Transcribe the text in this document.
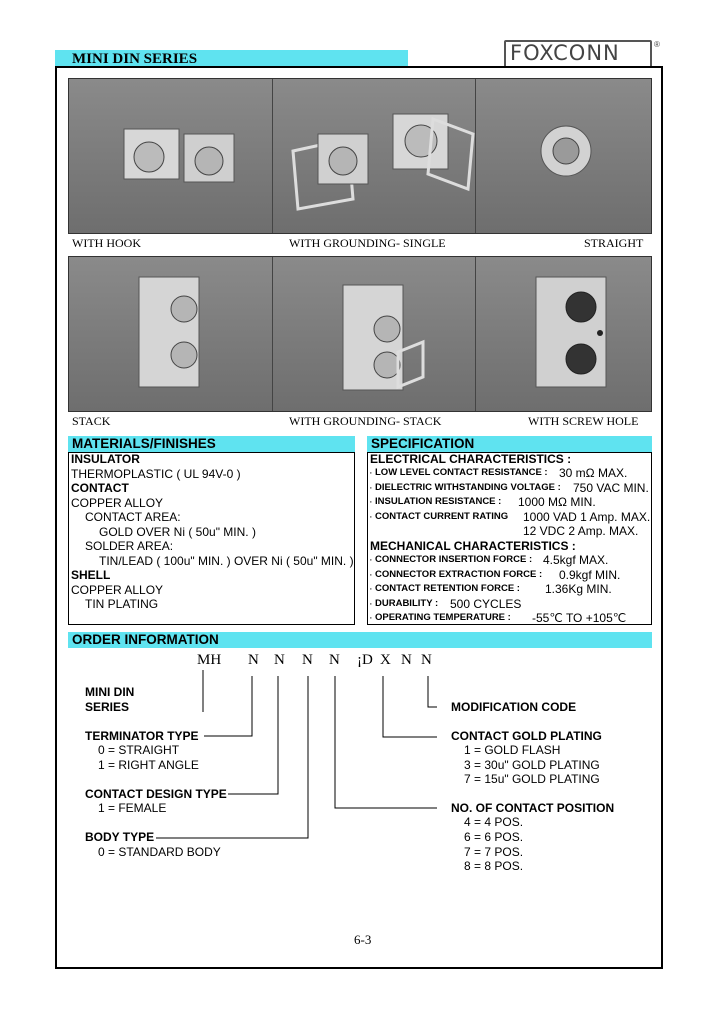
MINI DIN SERIES	FOXCONN	®
WITH HOOK	WITH GROUNDING- SINGLE	STRAIGHT
STACK	WITH GROUNDING- STACK	WITH SCREW HOLE
MATERIALS/FINISHES	SPECIFICATION
INSULATOR
THERMOPLASTIC ( UL 94V-0 )
CONTACT
COPPER ALLOY
CONTACT AREA:
GOLD OVER Ni ( 50u" MIN. )
SOLDER AREA:
TIN/LEAD ( 100u" MIN. ) OVER Ni ( 50u" MIN. )
SHELL
COPPER ALLOY
TIN PLATING
ELECTRICAL CHARACTERISTICS :
· LOW LEVEL CONTACT RESISTANCE : 30 mΩ MAX.
· DIELECTRIC WITHSTANDING VOLTAGE : 750 VAC MIN.
· INSULATION RESISTANCE : 1000 MΩ MIN.
· CONTACT CURRENT RATING 1000 VAD 1 Amp. MAX.
12 VDC 2 Amp. MAX.
MECHANICAL CHARACTERISTICS :
· CONNECTOR INSERTION FORCE : 4.5kgf MAX.
· CONNECTOR EXTRACTION FORCE : 0.9kgf MIN.
· CONTACT RETENTION FORCE : 1.36Kg MIN.
· DURABILITY : 500 CYCLES
· OPERATING TEMPERATURE : -55℃ TO +105℃
ORDER INFORMATION
MH N N N N ¡D X N N
MINI DIN
SERIES
TERMINATOR TYPE
0 = STRAIGHT
1 = RIGHT ANGLE
CONTACT DESIGN TYPE
1 = FEMALE
BODY TYPE
0 = STANDARD BODY
MODIFICATION CODE
CONTACT GOLD PLATING
1 = GOLD FLASH
3 = 30u" GOLD PLATING
7 = 15u" GOLD PLATING
NO. OF CONTACT POSITION
4 = 4 POS.
6 = 6 POS.
7 = 7 POS.
8 = 8 POS.
6-3
